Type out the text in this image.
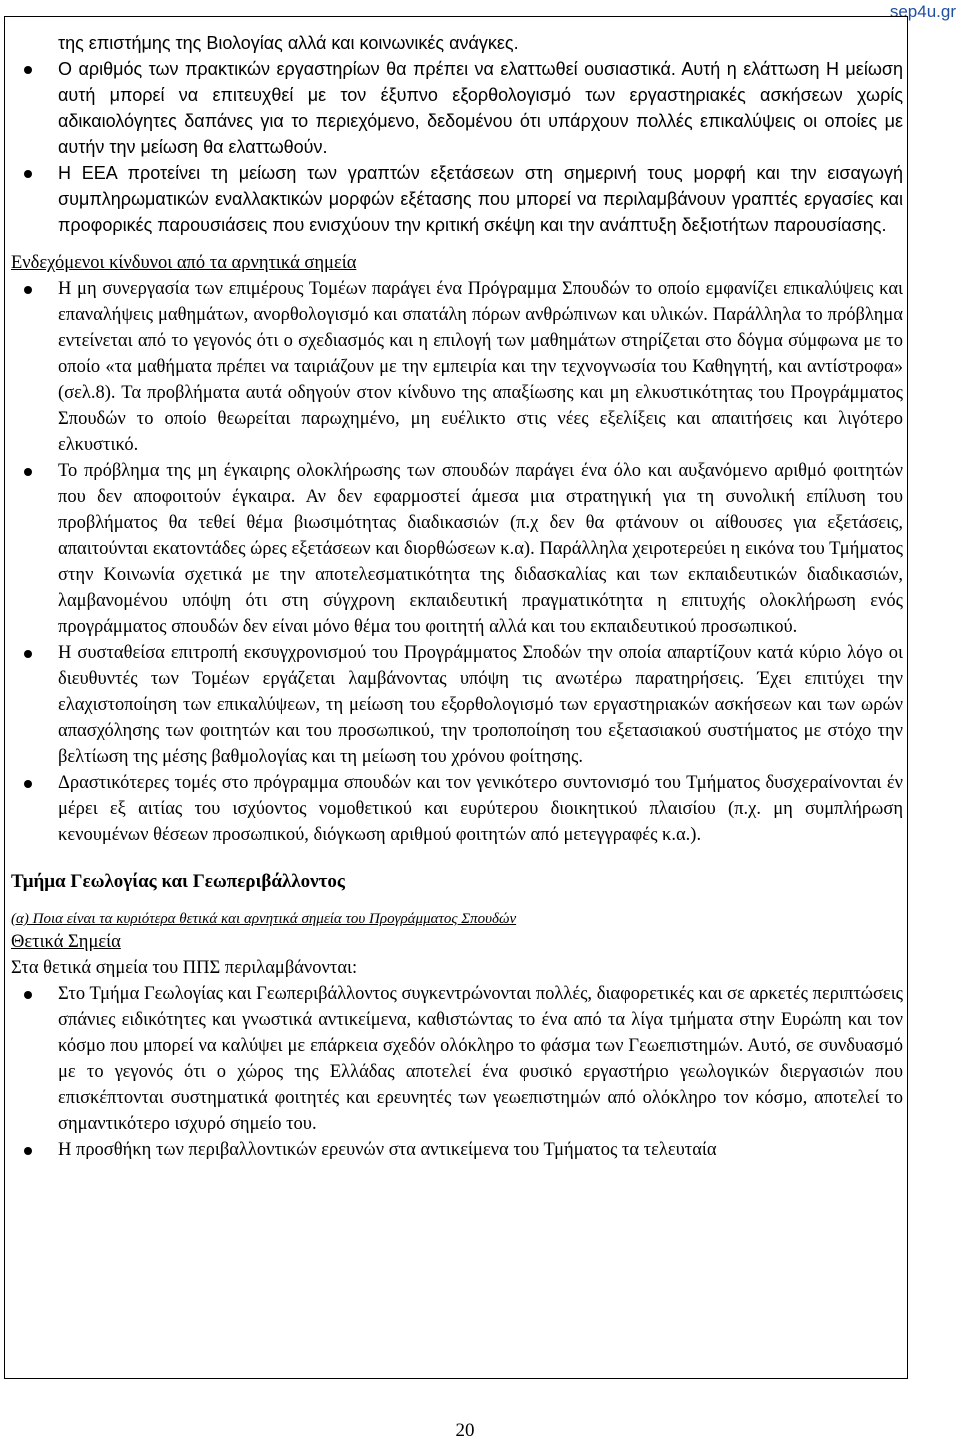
sep4u.gr

της επιστήμης της Βιολογίας αλλά και κοινωνικές ανάγκες.

Ο αριθμός των πρακτικών εργαστηρίων θα πρέπει να ελαττωθεί ουσιαστικά. Αυτή η ελάττωση Η μείωση αυτή μπορεί να επιτευχθεί με τον έξυπνο εξορθολογισμό των εργαστηριακές ασκήσεων χωρίς αδικαιολόγητες δαπάνες για το περιεχόμενο, δεδομένου ότι υπάρχουν πολλές επικαλύψεις οι οποίες με αυτήν την μείωση θα ελαττωθούν.
Η ΕΕΑ προτείνει τη μείωση των γραπτών εξετάσεων στη σημερινή τους μορφή και την εισαγωγή συμπληρωματικών εναλλακτικών μορφών εξέτασης που μπορεί να περιλαμβάνουν γραπτές εργασίες και προφορικές παρουσιάσεις που ενισχύουν την κριτική σκέψη και την ανάπτυξη δεξιοτήτων παρουσίασης.

Ενδεχόμενοι κίνδυνοι από τα αρνητικά σημεία

Η μη συνεργασία των επιμέρους Τομέων παράγει ένα Πρόγραμμα Σπουδών το οποίο εμφανίζει επικαλύψεις και επαναλήψεις μαθημάτων, ανορθολογισμό και σπατάλη πόρων ανθρώπινων και υλικών. Παράλληλα το πρόβλημα εντείνεται από το γεγονός ότι ο σχεδιασμός και η επιλογή των μαθημάτων στηρίζεται στο δόγμα σύμφωνα με το οποίο «τα μαθήματα πρέπει να ταιριάζουν με την εμπειρία και την τεχνογνωσία του Καθηγητή, και αντίστροφα» (σελ.8). Τα προβλήματα αυτά οδηγούν στον κίνδυνο της απαξίωσης και μη ελκυστικότητας του Προγράμματος Σπουδών το οποίο θεωρείται παρωχημένο, μη ευέλικτο στις νέες εξελίξεις και απαιτήσεις και λιγότερο ελκυστικό.
Το πρόβλημα της μη έγκαιρης ολοκλήρωσης των σπουδών παράγει ένα όλο και αυξανόμενο αριθμό φοιτητών που δεν αποφοιτούν έγκαιρα. Αν δεν εφαρμοστεί άμεσα μια στρατηγική για τη συνολική επίλυση του προβλήματος θα τεθεί θέμα βιωσιμότητας διαδικασιών (π.χ δεν θα φτάνουν οι αίθουσες για εξετάσεις, απαιτούνται εκατοντάδες ώρες εξετάσεων και διορθώσεων κ.α). Παράλληλα χειροτερεύει η εικόνα του Τμήματος στην Κοινωνία σχετικά με την αποτελεσματικότητα της διδασκαλίας και των εκπαιδευτικών διαδικασιών, λαμβανομένου υπόψη ότι στη σύγχρονη εκπαιδευτική πραγματικότητα η επιτυχής ολοκλήρωση ενός προγράμματος σπουδών δεν είναι μόνο θέμα του φοιτητή αλλά και του εκπαιδευτικού προσωπικού.
Η συσταθείσα επιτροπή εκσυγχρονισμού του Προγράμματος Σποδών την οποία απαρτίζουν κατά κύριο λόγο οι διευθυντές των Τομέων εργάζεται λαμβάνοντας υπόψη τις ανωτέρω παρατηρήσεις. Έχει επιτύχει την ελαχιστοποίηση των επικαλύψεων, τη μείωση του εξορθολογισμό των εργαστηριακών ασκήσεων και των ωρών απασχόλησης των φοιτητών και του προσωπικού, την τροποποίηση του εξετασιακού συστήματος με στόχο την βελτίωση της μέσης βαθμολογίας και τη μείωση του χρόνου φοίτησης.
Δραστικότερες τομές στο πρόγραμμα σπουδών και τον γενικότερο συντονισμό του Τμήματος δυσχεραίνονται έν μέρει εξ αιτίας του ισχύοντος νομοθετικού και ευρύτερου διοικητικού πλαισίου (π.χ. μη συμπλήρωση κενουμένων θέσεων προσωπικού, διόγκωση αριθμού φοιτητών από μετεγγραφές κ.α.).

Τμήμα Γεωλογίας και Γεωπεριβάλλοντος

(α) Ποια είναι τα κυριότερα θετικά και αρνητικά σημεία του Προγράμματος Σπουδών

Θετικά Σημεία

Στα θετικά σημεία του ΠΠΣ περιλαμβάνονται:

Στο Τμήμα Γεωλογίας και Γεωπεριβάλλοντος συγκεντρώνονται πολλές, διαφορετικές και σε αρκετές περιπτώσεις σπάνιες ειδικότητες και γνωστικά αντικείμενα, καθιστώντας το ένα από τα λίγα τμήματα στην Ευρώπη και τον κόσμο που μπορεί να καλύψει με επάρκεια σχεδόν ολόκληρο το φάσμα των Γεωεπιστημών. Αυτό, σε συνδυασμό με το γεγονός ότι ο χώρος της Ελλάδας αποτελεί ένα φυσικό εργαστήριο γεωλογικών διεργασιών που επισκέπτονται συστηματικά φοιτητές και ερευνητές των γεωεπιστημών από ολόκληρο τον κόσμο, αποτελεί το σημαντικότερο ισχυρό σημείο του.
Η προσθήκη των περιβαλλοντικών ερευνών στα αντικείμενα του Τμήματος τα τελευταία
20
